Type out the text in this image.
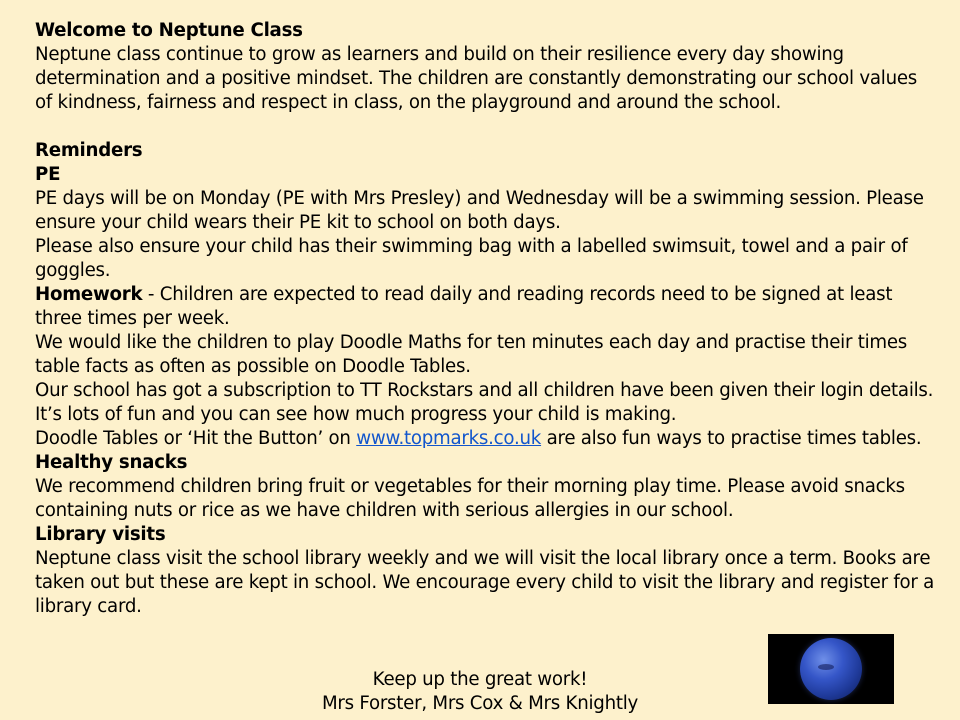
Welcome to Neptune Class

Neptune class continue to grow as learners and build on their resilience every day showing determination and a positive mindset. The children are constantly demonstrating our school values of kindness, fairness and respect in class, on the playground and around the school.

Reminders

PE

PE days will be on Monday (PE with Mrs Presley) and Wednesday will be a swimming session. Please ensure your child wears their PE kit to school on both days.

Please also ensure your child has their swimming bag with a labelled swimsuit, towel and a pair of goggles.

Homework - Children are expected to read daily and reading records need to be signed at least three times per week.

We would like the children to play Doodle Maths for ten minutes each day and practise their times table facts as often as possible on Doodle Tables.

Our school has got a subscription to TT Rockstars and all children have been given their login details. It’s lots of fun and you can see how much progress your child is making.

Doodle Tables or ‘Hit the Button’ on www.topmarks.co.uk are also fun ways to practise times tables.

Healthy snacks

We recommend children bring fruit or vegetables for their morning play time. Please avoid snacks containing nuts or rice as we have children with serious allergies in our school.

Library visits

Neptune class visit the school library weekly and we will visit the local library once a term. Books are taken out but these are kept in school. We encourage every child to visit the library and register for a library card.

Keep up the great work!

Mrs Forster, Mrs Cox & Mrs Knightly
